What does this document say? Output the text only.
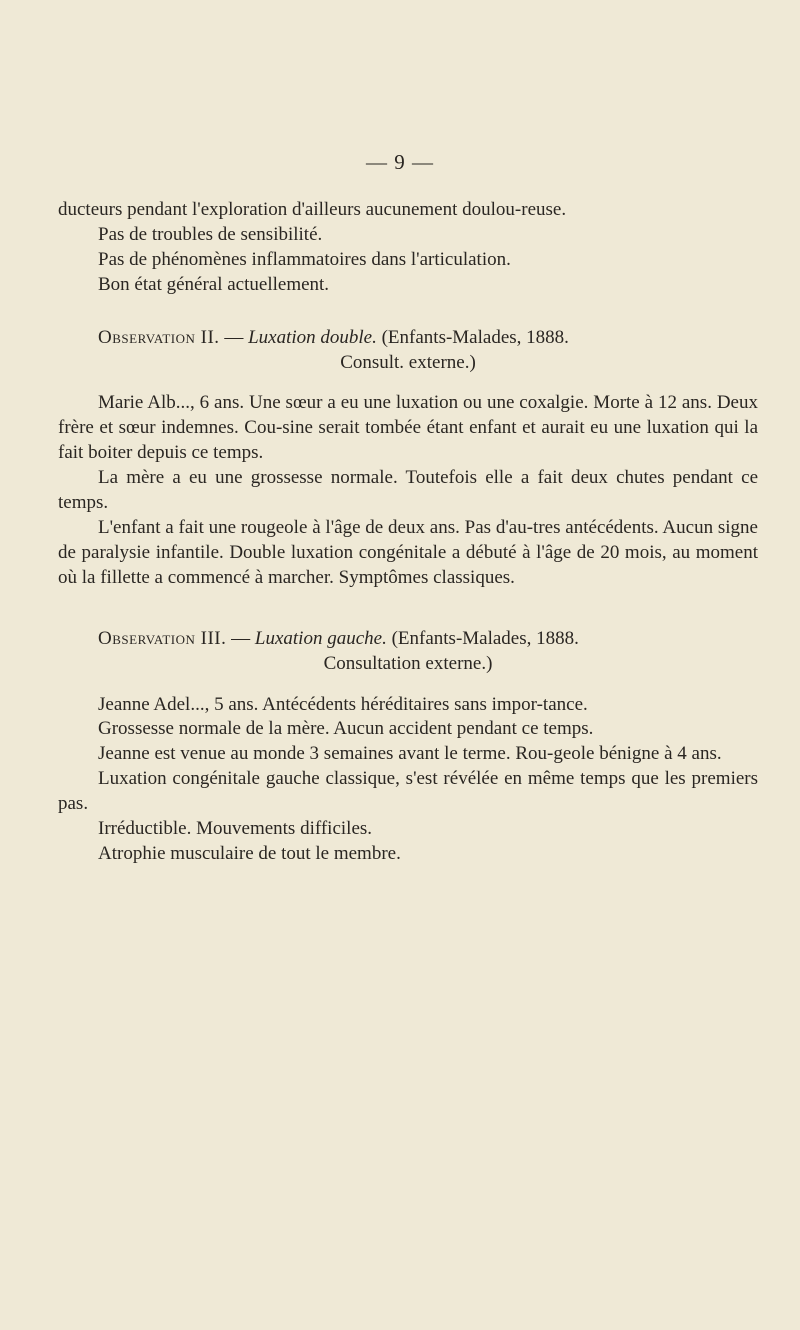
— 9 —

ducteurs pendant l'exploration d'ailleurs aucunement doulou-reuse.

Pas de troubles de sensibilité.

Pas de phénomènes inflammatoires dans l'articulation.

Bon état général actuellement.

Observation II. — Luxation double. (Enfants-Malades, 1888.
Consult. externe.)

Marie Alb..., 6 ans. Une sœur a eu une luxation ou une coxalgie. Morte à 12 ans. Deux frère et sœur indemnes. Cou-sine serait tombée étant enfant et aurait eu une luxation qui la fait boiter depuis ce temps.

La mère a eu une grossesse normale. Toutefois elle a fait deux chutes pendant ce temps.

L'enfant a fait une rougeole à l'âge de deux ans. Pas d'au-tres antécédents. Aucun signe de paralysie infantile. Double luxation congénitale a débuté à l'âge de 20 mois, au moment où la fillette a commencé à marcher. Symptômes classiques.

Observation III. — Luxation gauche. (Enfants-Malades, 1888.
Consultation externe.)

Jeanne Adel..., 5 ans. Antécédents héréditaires sans impor-tance.

Grossesse normale de la mère. Aucun accident pendant ce temps.

Jeanne est venue au monde 3 semaines avant le terme. Rou-geole bénigne à 4 ans.

Luxation congénitale gauche classique, s'est révélée en même temps que les premiers pas.

Irréductible. Mouvements difficiles.

Atrophie musculaire de tout le membre.
